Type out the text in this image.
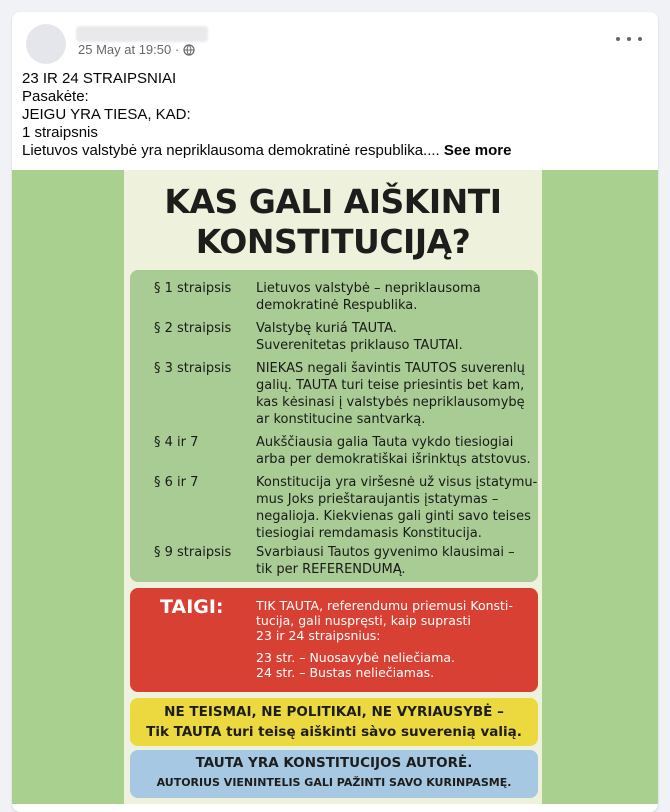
25 May at 19:50 ·
23 IR 24 STRAIPSNIAI
Pasakėte:
JEIGU YRA TIESA, KAD:
1 straipsnis
Lietuvos valstybė yra nepriklausoma demokratinė respublika.... See more
KAS GALI AIŠKINTI
KONSTITUCIJĄ?
§ 1 straipsis	Lietuvos valstybė – nepriklausoma
demokratinė Respublika.
§ 2 straipsis	Valstybę kuriá TAUTA.
Suverenitetas priklauso TAUTAI.
§ 3 straipsis	NIEKAS negali šavintis TAUTOS suverenlų
galių. TAUTA turi teise priesintis bet kam,
kas kėsinasi į valstybės nepriklausomybę
ar konstitucine santvarką.
§ 4 ir 7	Aukščiausia galia Tauta vykdo tiesiogiai
arba per demokratiškai išrinktųs atstovus.
§ 6 ir 7	Konstitucija yra viršesnė už visus įstatymu-
mus Joks prieštaraujantis įstatymas –
negalioja. Kiekvienas gali ginti savo teises
tiesiogiai remdamasis Konstitucija.
§ 9 straipsis	Svarbiausi Tautos gyvenimo klausimai –
tik per REFERENDUMĄ.
TAIGI:	TIK TAUTA, referendumu priemusi Konsti-
tucija, gali nuspręsti, kaip suprasti
23 ir 24 straipsnius:
23 str. – Nuosavybė neliečiama.
24 str. – Bustas neliečiamas.
NE TEISMAI, NE POLITIKAI, NE VYRIAUSYBĖ –
Tik TAUTA turi teisę aiškinti sàvo suverenią valią.
TAUTA YRA KONSTITUCIJOS AUTORĖ.
AUTORIUS VIENINTELIS GALI PAŽINTI SAVO KURINPASMĘ.
